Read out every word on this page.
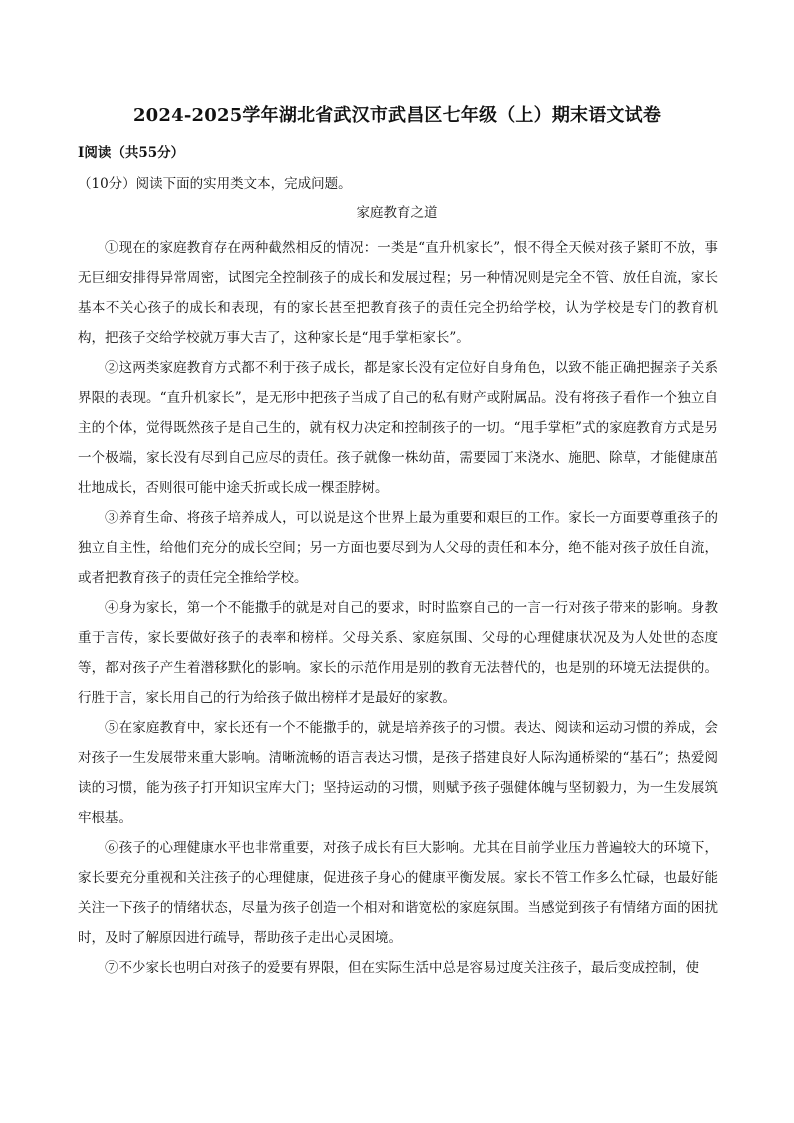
2024-2025学年湖北省武汉市武昌区七年级（上）期末语文试卷
Ⅰ阅读（共55分）
（10分）阅读下面的实用类文本，完成问题。
家庭教育之道

①现在的家庭教育存在两种截然相反的情况：一类是“直升机家长”，恨不得全天候对孩子紧盯不放，事无巨细安排得异常周密，试图完全控制孩子的成长和发展过程；另一种情况则是完全不管、放任自流，家长基本不关心孩子的成长和表现，有的家长甚至把教育孩子的责任完全扔给学校，认为学校是专门的教育机构，把孩子交给学校就万事大吉了，这种家长是“甩手掌柜家长”。

②这两类家庭教育方式都不利于孩子成长，都是家长没有定位好自身角色，以致不能正确把握亲子关系界限的表现。“直升机家长”，是无形中把孩子当成了自己的私有财产或附属品。没有将孩子看作一个独立自主的个体，觉得既然孩子是自己生的，就有权力决定和控制孩子的一切。“甩手掌柜”式的家庭教育方式是另一个极端，家长没有尽到自己应尽的责任。孩子就像一株幼苗，需要园丁来浇水、施肥、除草，才能健康茁壮地成长，否则很可能中途夭折或长成一棵歪脖树。

③养育生命、将孩子培养成人，可以说是这个世界上最为重要和艰巨的工作。家长一方面要尊重孩子的独立自主性，给他们充分的成长空间；另一方面也要尽到为人父母的责任和本分，绝不能对孩子放任自流，或者把教育孩子的责任完全推给学校。

④身为家长，第一个不能撒手的就是对自己的要求，时时监察自己的一言一行对孩子带来的影响。身教重于言传，家长要做好孩子的表率和榜样。父母关系、家庭氛围、父母的心理健康状况及为人处世的态度等，都对孩子产生着潜移默化的影响。家长的示范作用是别的教育无法替代的，也是别的环境无法提供的。行胜于言，家长用自己的行为给孩子做出榜样才是最好的家教。

⑤在家庭教育中，家长还有一个不能撒手的，就是培养孩子的习惯。表达、阅读和运动习惯的养成，会对孩子一生发展带来重大影响。清晰流畅的语言表达习惯，是孩子搭建良好人际沟通桥梁的“基石”；热爱阅读的习惯，能为孩子打开知识宝库大门；坚持运动的习惯，则赋予孩子强健体魄与坚韧毅力，为一生发展筑牢根基。

⑥孩子的心理健康水平也非常重要，对孩子成长有巨大影响。尤其在目前学业压力普遍较大的环境下，家长要充分重视和关注孩子的心理健康，促进孩子身心的健康平衡发展。家长不管工作多么忙碌，也最好能关注一下孩子的情绪状态，尽量为孩子创造一个相对和谐宽松的家庭氛围。当感觉到孩子有情绪方面的困扰时，及时了解原因进行疏导，帮助孩子走出心灵困境。

⑦不少家长也明白对孩子的爱要有界限，但在实际生活中总是容易过度关注孩子，最后变成控制，使
